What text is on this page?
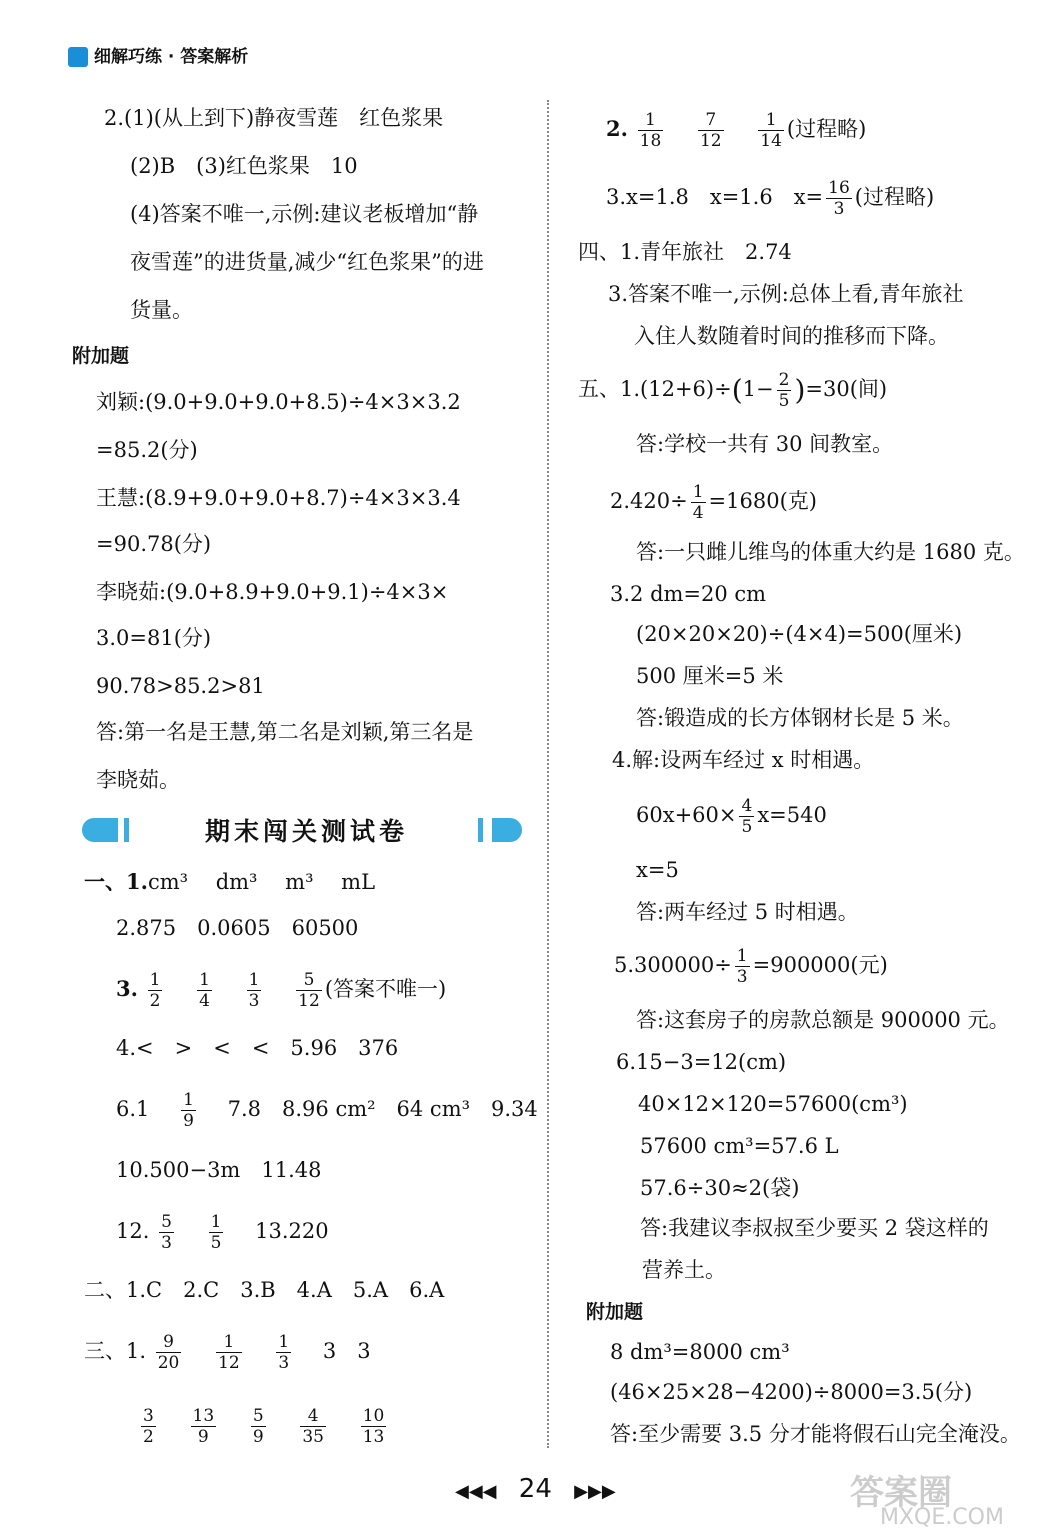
细解巧练 · 答案解析
2.(1)(从上到下)静夜雪莲　红色浆果
(2)B　(3)红色浆果　10
(4)答案不唯一,示例:建议老板增加“静
夜雪莲”的进货量,减少“红色浆果”的进
货量。
附加题
刘颖:(9.0+9.0+9.0+8.5)÷4×3×3.2
=85.2(分)
王慧:(8.9+9.0+9.0+8.7)÷4×3×3.4
=90.78(分)
李晓茹:(9.0+8.9+9.0+9.1)÷4×3×
3.0=81(分)
90.78>85.2>81
答:第一名是王慧,第二名是刘颖,第三名是
李晓茹。
期末闯关测试卷
一、1.cm³　 dm³　 m³　 mL
2.875　0.0605　60500
3. $\frac{1}{2}$
$\frac{1}{4}$
$\frac{1}{3}$
$\frac{5}{12}$ (答案不唯一)
4.<　>　<　<　5.96　376
$6.1 \frac{1}{9} 7.8$　8.96 cm²　64 cm³　9.34
10.500−3m　11.48
12. $\frac{5}{3}$
$\frac{1}{5} 13.220$
二、1.C　2.C　3.B　4.A　5.A　6.A
三、1. $\frac{9}{20}$
$\frac{1}{12}$
$\frac{1}{3} 3$　3
$\frac{3}{2}$
$\frac{13}{9}$
$\frac{5}{9}$
$\frac{4}{35}$
$\frac{10}{13}$
2. $\frac{1}{18}$
$\frac{7}{12}$
$\frac{1}{14}$ (过程略)
3.x=1.8　x=1.6　$x= \frac{16}{3}$ (过程略)
四、1.青年旅社　2.74
3.答案不唯一,示例:总体上看,青年旅社
入住人数随着时间的推移而下降。
五、$1.(12+6)\div(1- \frac{2}{5} )=30$(间)
答:学校一共有 30 间教室。
$2.420\div \frac{1}{4} =1680$(克)
答:一只雌儿维鸟的体重大约是 1680 克。
3.2 dm=20 cm
(20×20×20)÷(4×4)=500(厘米)
500 厘米=5 米
答:锻造成的长方体钢材长是 5 米。
4.解:设两车经过 x 时相遇。
$60x+60\times \frac{4}{5} x=540$
x=5
答:两车经过 5 时相遇。
$5.300000\div \frac{1}{3} =900000$(元)
答:这套房子的房款总额是 900000 元。
6.15−3=12(cm)
40×12×120=57600(cm³)
57600 cm³=57.6 L
57.6÷30≈2(袋)
答:我建议李叔叔至少要买 2 袋这样的
营养土。
附加题
8 dm³=8000 cm³
(46×25×28−4200)÷8000=3.5(分)
答:至少需要 3.5 分才能将假石山完全淹没。
◀◀◀ 24 ▶▶▶	答案圈
MXQE.COM
